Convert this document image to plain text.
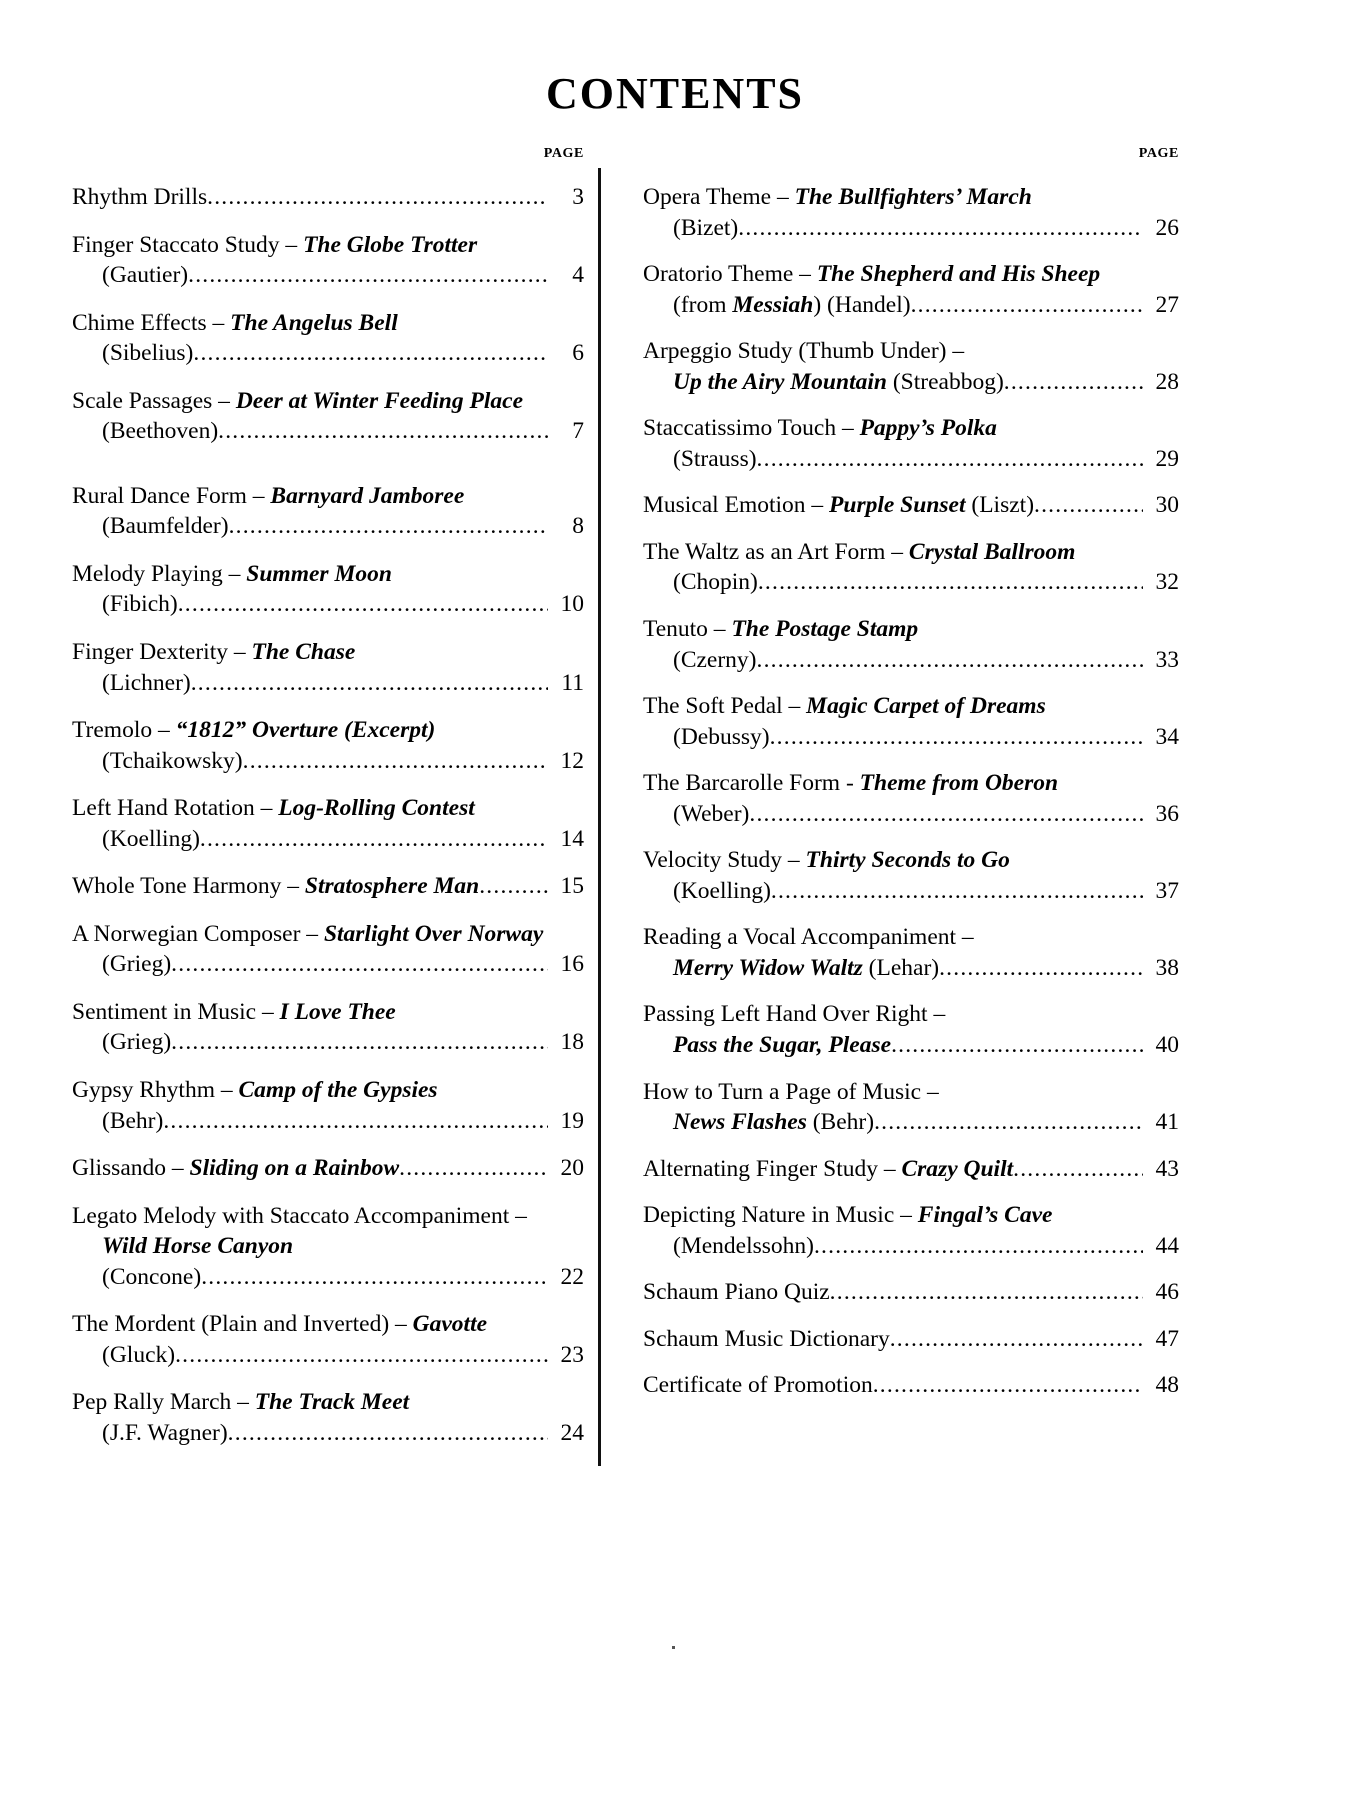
CONTENTS
PAGE
Rhythm Drills .....	3
Finger Staccato Study – The Globe Trotter
(Gautier) .....	4
Chime Effects – The Angelus Bell
(Sibelius) .....	6
Scale Passages – Deer at Winter Feeding Place
(Beethoven) .....	7
Rural Dance Form – Barnyard Jamboree
(Baumfelder) .....	8
Melody Playing – Summer Moon
(Fibich) .....	10
Finger Dexterity – The Chase
(Lichner) .....	11
Tremolo – “1812” Overture (Excerpt)
(Tchaikowsky) .....	12
Left Hand Rotation – Log-Rolling Contest
(Koelling) .....	14
Whole Tone Harmony – Stratosphere Man .....	15
A Norwegian Composer – Starlight Over Norway
(Grieg) .....	16
Sentiment in Music – I Love Thee
(Grieg) .....	18
Gypsy Rhythm – Camp of the Gypsies
(Behr) .....	19
Glissando – Sliding on a Rainbow .....	20
Legato Melody with Staccato Accompaniment –
Wild Horse Canyon
(Concone) .....	22
The Mordent (Plain and Inverted) – Gavotte
(Gluck) .....	23
Pep Rally March – The Track Meet
(J.F. Wagner) .....	24
PAGE
Opera Theme – The Bullfighters’ March
(Bizet) .....	26
Oratorio Theme – The Shepherd and His Sheep
(from Messiah) (Handel) .....	27
Arpeggio Study (Thumb Under) –
Up the Airy Mountain (Streabbog) .....	28
Staccatissimo Touch – Pappy’s Polka
(Strauss) .....	29
Musical Emotion – Purple Sunset (Liszt) .....	30
The Waltz as an Art Form – Crystal Ballroom
(Chopin) .....	32
Tenuto – The Postage Stamp
(Czerny) .....	33
The Soft Pedal – Magic Carpet of Dreams
(Debussy) .....	34
The Barcarolle Form - Theme from Oberon
(Weber) .....	36
Velocity Study – Thirty Seconds to Go
(Koelling) .....	37
Reading a Vocal Accompaniment –
Merry Widow Waltz (Lehar) .....	38
Passing Left Hand Over Right –
Pass the Sugar, Please .....	40
How to Turn a Page of Music –
News Flashes (Behr) .....	41
Alternating Finger Study – Crazy Quilt .....	43
Depicting Nature in Music – Fingal’s Cave
(Mendelssohn) .....	44
Schaum Piano Quiz .....	46
Schaum Music Dictionary .....	47
Certificate of Promotion .....	48
